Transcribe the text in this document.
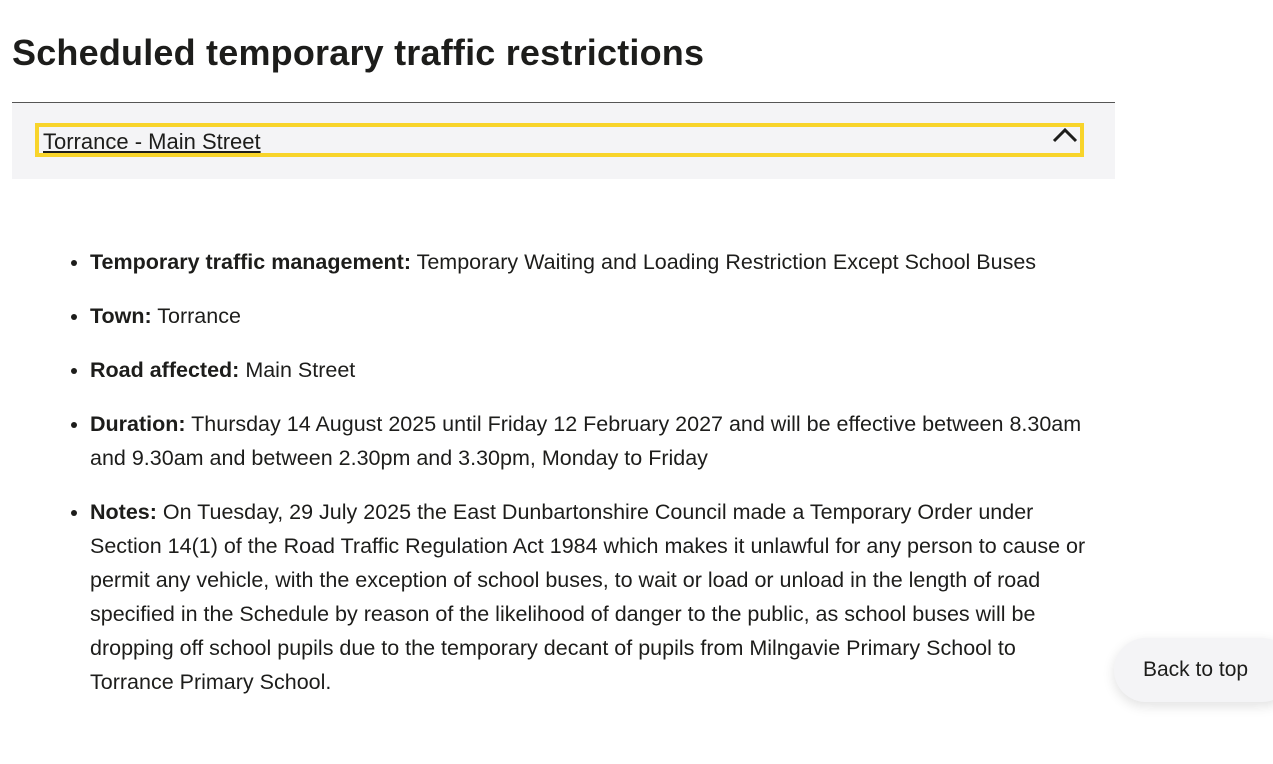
Scheduled temporary traffic restrictions
Torrance - Main Street
• Temporary traffic management: Temporary Waiting and Loading Restriction Except School Buses
• Town: Torrance
• Road affected: Main Street
• Duration: Thursday 14 August 2025 until Friday 12 February 2027 and will be effective between 8.30am and 9.30am and between 2.30pm and 3.30pm, Monday to Friday
• Notes: On Tuesday, 29 July 2025 the East Dunbartonshire Council made a Temporary Order under Section 14(1) of the Road Traffic Regulation Act 1984 which makes it unlawful for any person to cause or permit any vehicle, with the exception of school buses, to wait or load or unload in the length of road specified in the Schedule by reason of the likelihood of danger to the public, as school buses will be dropping off school pupils due to the temporary decant of pupils from Milngavie Primary School to Torrance Primary School.
Back to top
